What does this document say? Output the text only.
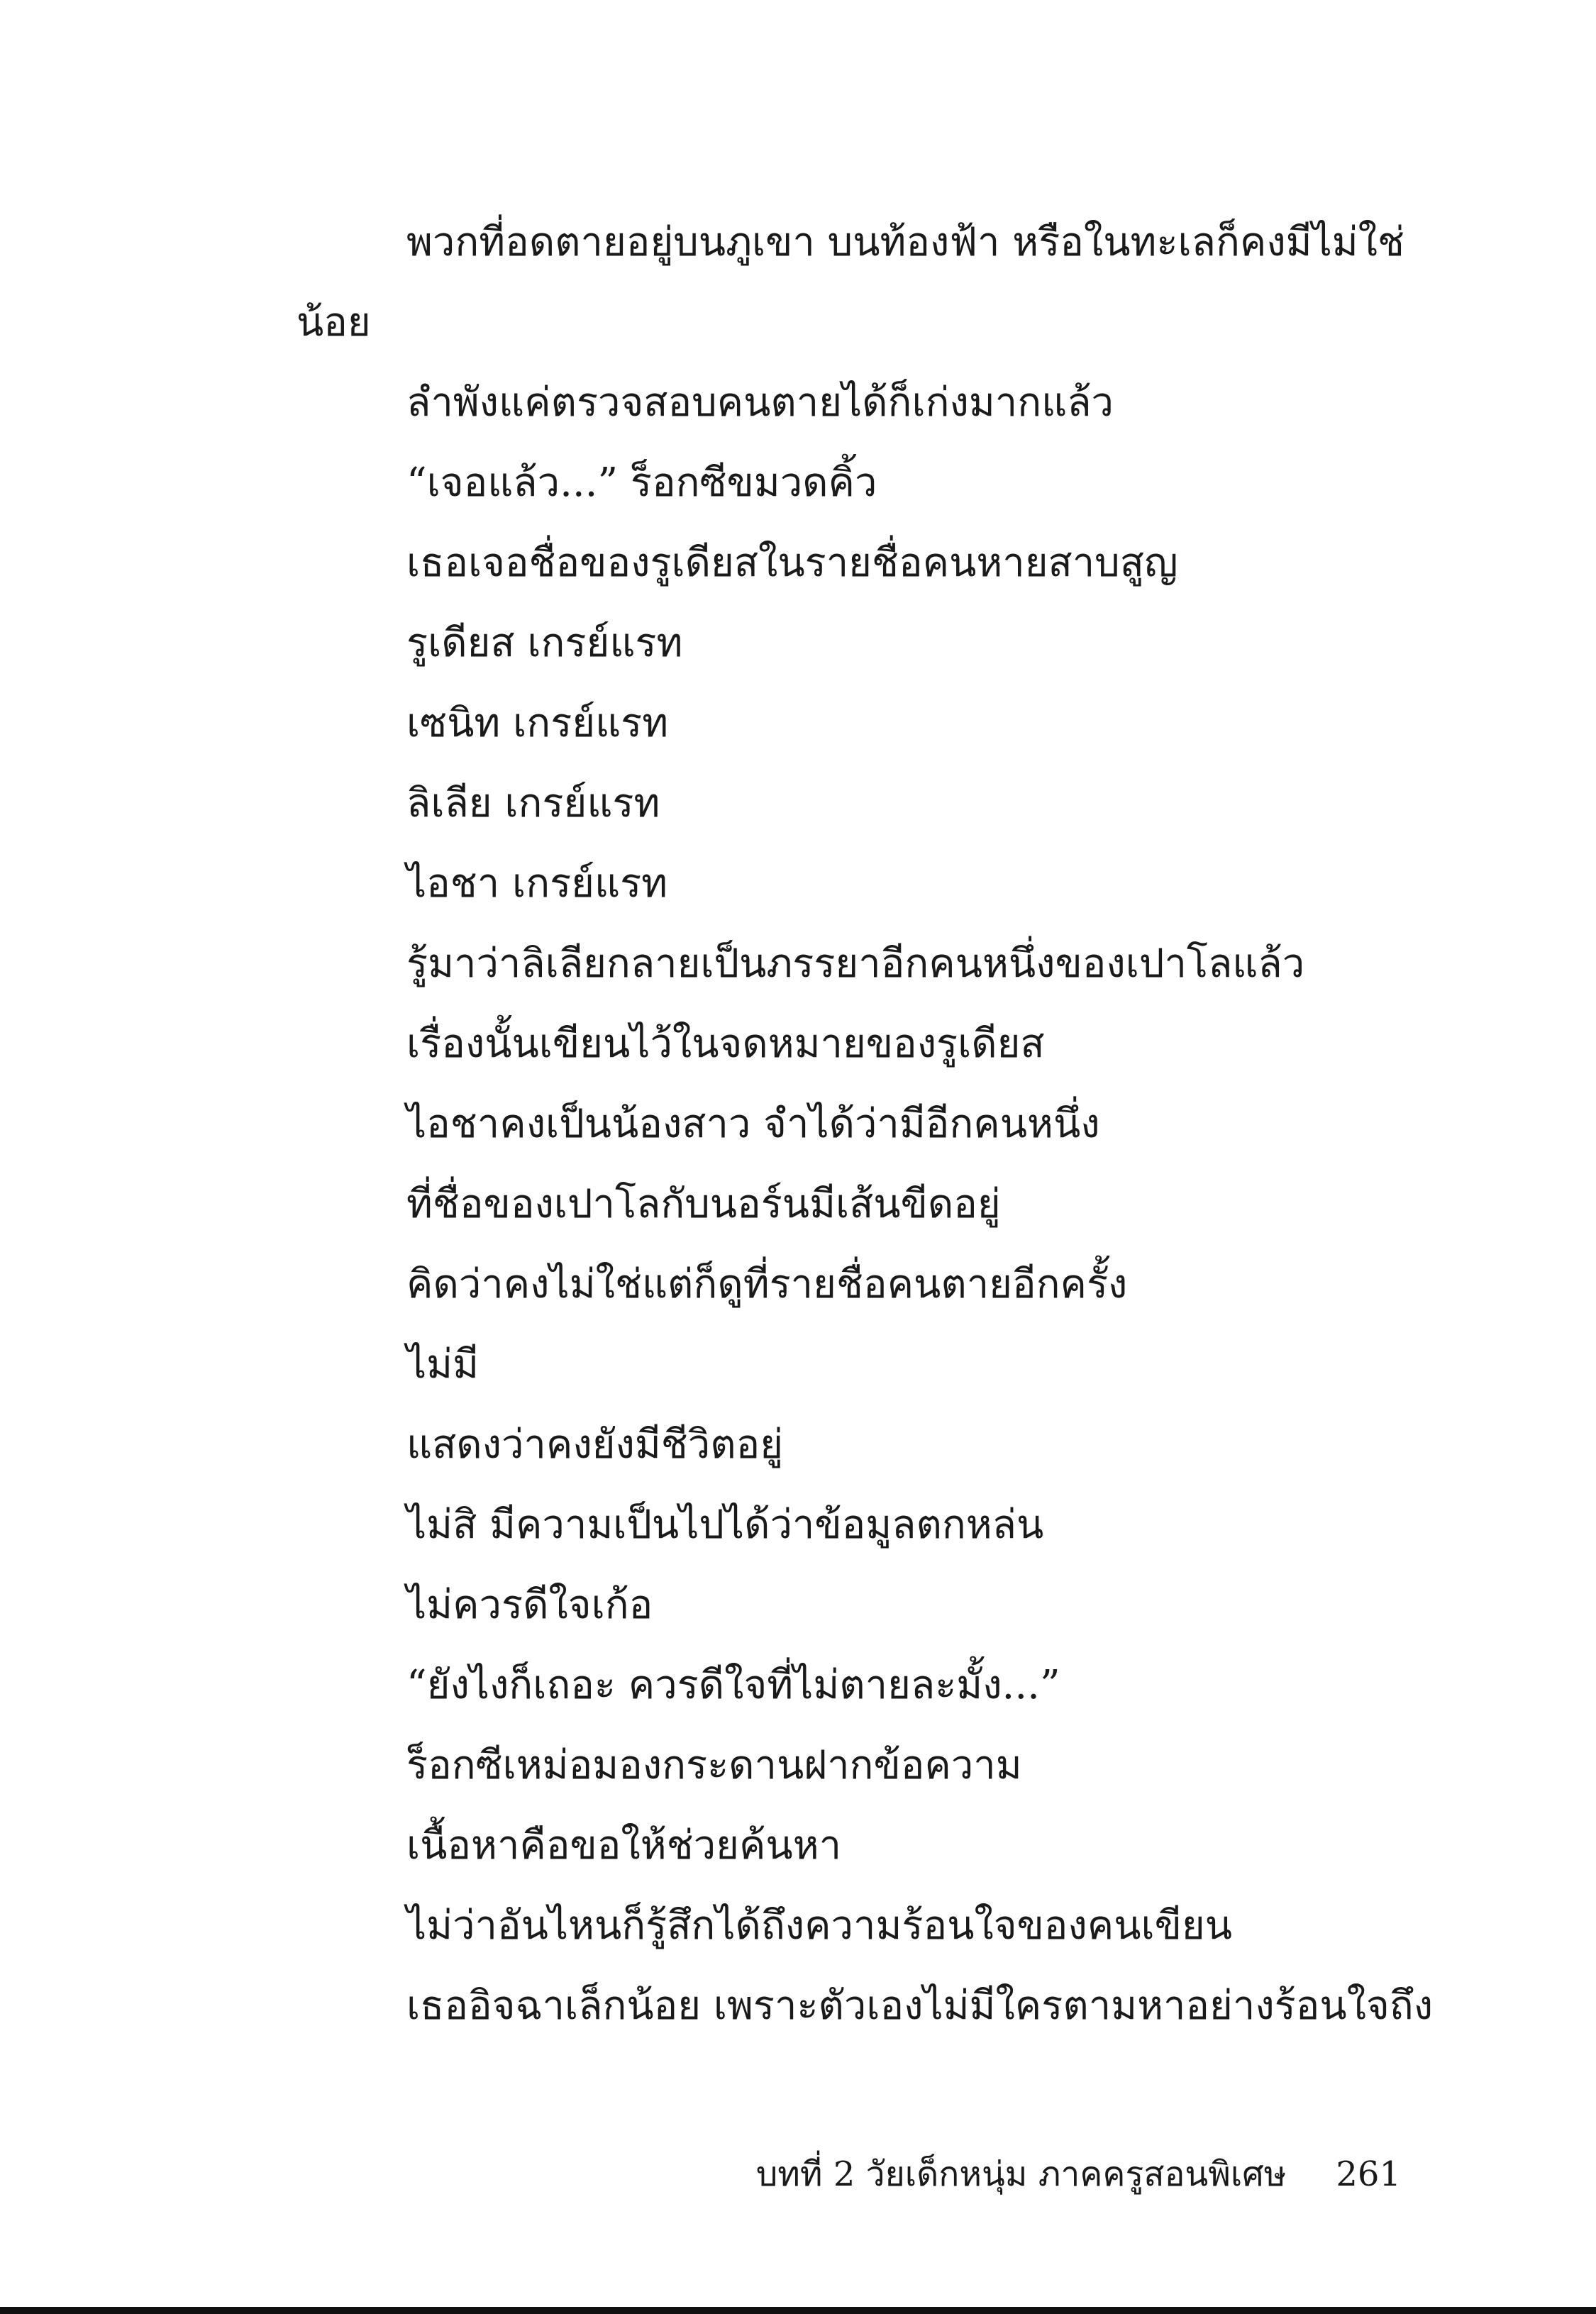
พวกที่อดตายอยู่บนภูเขา บนท้องฟ้า หรือในทะเลก็คงมีไม่ใช่

น้อย

ลำพังแค่ตรวจสอบคนตายได้ก็เก่งมากแล้ว

“เจอแล้ว...” ร็อกซีขมวดคิ้ว

เธอเจอชื่อของรูเดียสในรายชื่อคนหายสาบสูญ

รูเดียส เกรย์แรท

เซนิท เกรย์แรท

ลิเลีย เกรย์แรท

ไอชา เกรย์แรท

รู้มาว่าลิเลียกลายเป็นภรรยาอีกคนหนึ่งของเปาโลแล้ว

เรื่องนั้นเขียนไว้ในจดหมายของรูเดียส

ไอชาคงเป็นน้องสาว จำได้ว่ามีอีกคนหนึ่ง

ที่ชื่อของเปาโลกับนอร์นมีเส้นขีดอยู่

คิดว่าคงไม่ใช่แต่ก็ดูที่รายชื่อคนตายอีกครั้ง

ไม่มี

แสดงว่าคงยังมีชีวิตอยู่

ไม่สิ มีความเป็นไปได้ว่าข้อมูลตกหล่น

ไม่ควรดีใจเก้อ

“ยังไงก็เถอะ ควรดีใจที่ไม่ตายละมั้ง...”

ร็อกซีเหม่อมองกระดานฝากข้อความ

เนื้อหาคือขอให้ช่วยค้นหา

ไม่ว่าอันไหนก็รู้สึกได้ถึงความร้อนใจของคนเขียน

เธออิจฉาเล็กน้อย เพราะตัวเองไม่มีใครตามหาอย่างร้อนใจถึง

บทที่ 2 วัยเด็กหนุ่ม ภาคครูสอนพิเศษ 261
